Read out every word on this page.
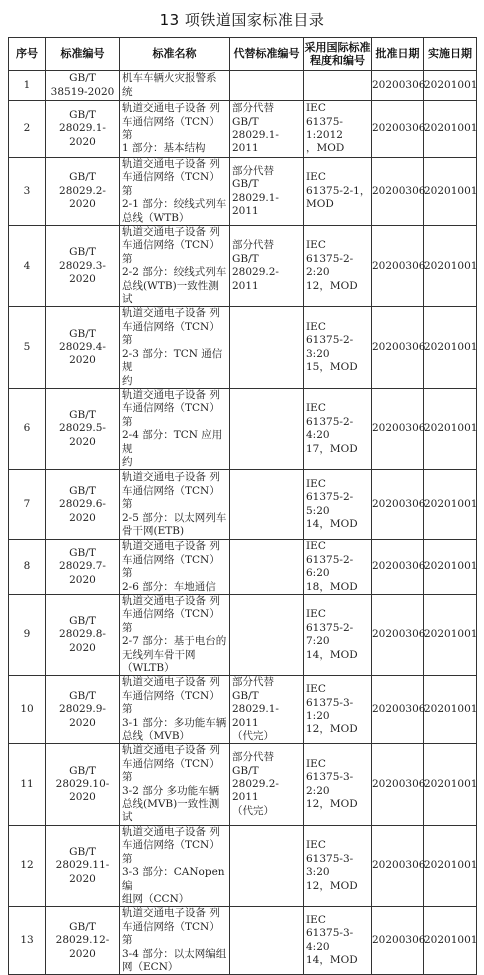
13 项铁道国家标准目录
序号	标准编号	标准名称	代替标准编号	采用国际标准
程度和编号	批准日期	实施日期
1	GB/T
38519-2020	机车车辆火灾报警系
统			20200306	20201001
2	GB/T
28029.1-2020	轨道交通电子设备 列
车通信网络（TCN）第
1 部分：基本结构	部分代替
GB/T
28029.1-2011	IEC
61375-1:2012
，MOD	20200306	20201001
3	GB/T
28029.2-2020	轨道交通电子设备 列
车通信网络（TCN）第
2-1 部分：绞线式列车
总线（WTB）	部分代替
GB/T
28029.1-2011	IEC
61375-2-1，
MOD	20200306	20201001
4	GB/T
28029.3-2020	轨道交通电子设备 列
车通信网络（TCN）第
2-2 部分：绞线式列车
总线(WTB)一致性测试	部分代替
GB/T
28029.2-2011	IEC
61375-2-2:20
12，MOD	20200306	20201001
5	GB/T
28029.4-2020	轨道交通电子设备 列
车通信网络（TCN）第
2-3 部分：TCN 通信规
约		IEC
61375-2-3:20
15，MOD	20200306	20201001
6	GB/T
28029.5-2020	轨道交通电子设备 列
车通信网络（TCN）第
2-4 部分：TCN 应用规
约		IEC
61375-2-4:20
17，MOD	20200306	20201001
7	GB/T
28029.6-2020	轨道交通电子设备 列
车通信网络（TCN）第
2-5 部分：以太网列车
骨干网(ETB)		IEC
61375-2-5:20
14，MOD	20200306	20201001
8	GB/T
28029.7-2020	轨道交通电子设备 列
车通信网络（TCN）第
2-6 部分：车地通信		IEC
61375-2-6:20
18，MOD	20200306	20201001
9	GB/T
28029.8-2020	轨道交通电子设备 列
车通信网络（TCN）第
2-7 部分：基于电台的
无线列车骨干网
（WLTB）		IEC
61375-2-7:20
14，MOD	20200306	20201001
10	GB/T
28029.9-2020	轨道交通电子设备 列
车通信网络（TCN）第
3-1 部分：多功能车辆
总线（MVB）	部分代替
GB/T
28029.1-2011
（代完）	IEC
61375-3-1:20
12，MOD	20200306	20201001
11	GB/T
28029.10-2020	轨道交通电子设备 列
车通信网络（TCN）第
3-2 部分 多功能车辆
总线(MVB)一致性测试	部分代替
GB/T
28029.2-2011
（代完）	IEC
61375-3-2:20
12，MOD	20200306	20201001
12	GB/T
28029.11-2020	轨道交通电子设备 列
车通信网络（TCN）第
3-3 部分：CANopen 编
组网（CCN）		IEC
61375-3-3:20
12，MOD	20200306	20201001
13	GB/T
28029.12-2020	轨道交通电子设备 列
车通信网络（TCN）第
3-4 部分：以太网编组
网（ECN）		IEC
61375-3-4:20
14，MOD	20200306	20201001
